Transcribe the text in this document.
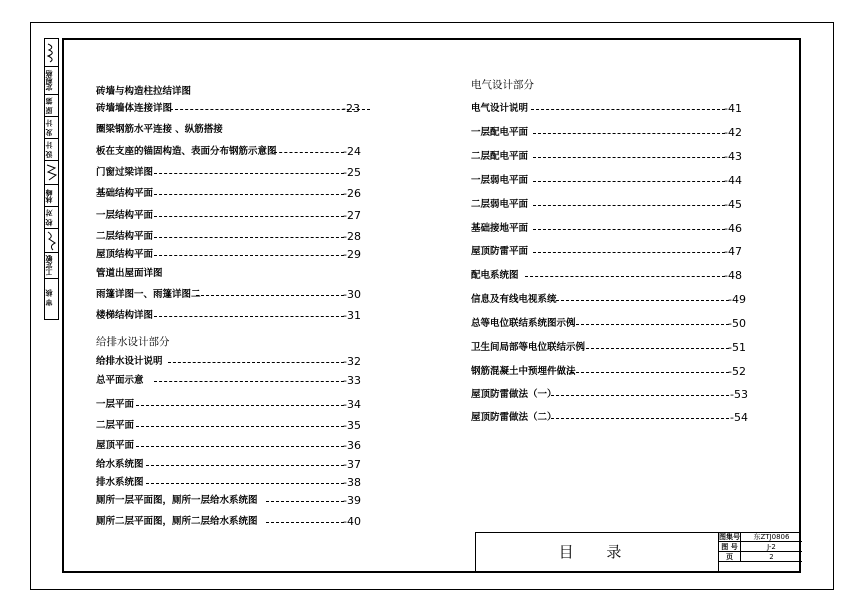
定根格
原 第
发 计
设 计
林峰
校 对
工定敏
审 核
砖墙与构造柱拉结详图
砖墙墙体连接详图	-23
圈梁钢筋水平连接 、纵筋搭接
板在支座的锚固构造、表面分布钢筋示意图	-24
门窗过梁详图	-25
基础结构平面	-26
一层结构平面	-27
二层结构平面	-28
屋顶结构平面	-29
管道出屋面详图
雨篷详图一、雨篷详图二	-30
楼梯结构详图	-31
给排水设计部分
给排水设计说明	-32
总平面示意	-33
一层平面	-34
二层平面	-35
屋顶平面	-36
给水系统图	-37
排水系统图	-38
厕所一层平面图，厕所一层给水系统图	-39
厕所二层平面图，厕所二层给水系统图	-40
电气设计部分
电气设计说明	-41
一层配电平面	-42
二层配电平面	-43
一层弱电平面	-44
二层弱电平面	-45
基础接地平面	-46
屋顶防雷平面	-47
配电系统图	-48
信息及有线电视系统	-49
总等电位联结系统图示例	-50
卫生间局部等电位联结示例	-51
钢筋混凝土中预埋件做法	-52
屋顶防雷做法（一）	-53
屋顶防雷做法（二）	-54
目 录
图集号	东ZTJ0806
图 号	J-2
页	2
